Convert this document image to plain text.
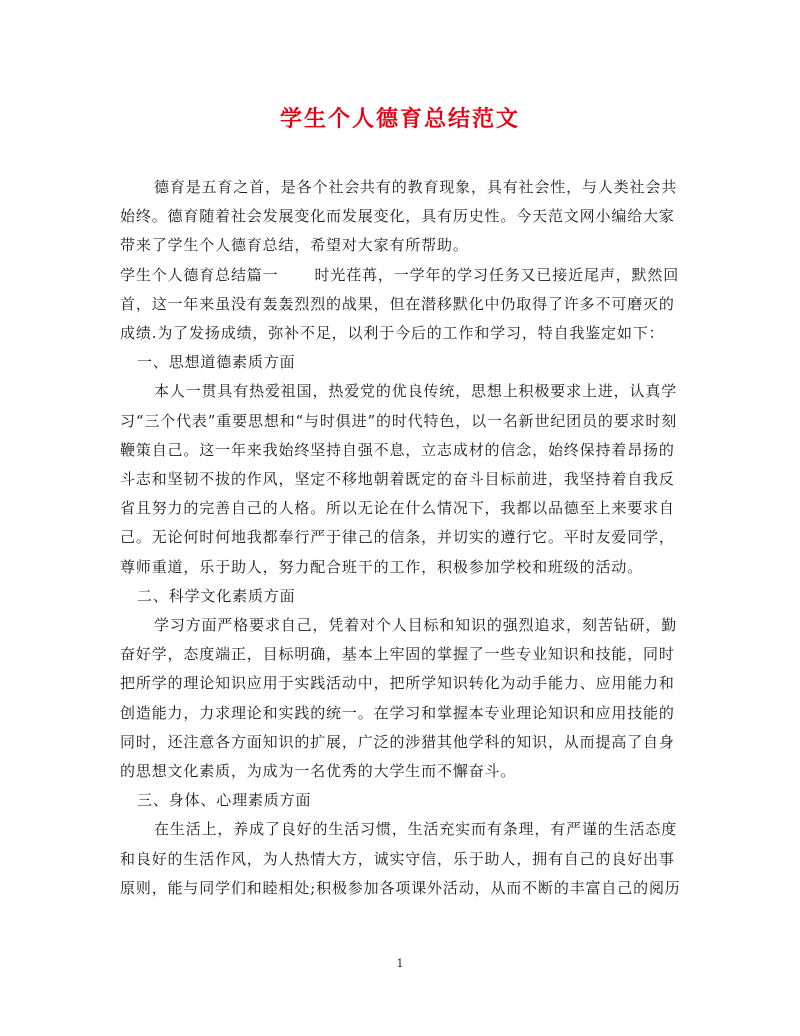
学生个人德育总结范文

德育是五育之首，是各个社会共有的教育现象，具有社会性，与人类社会共始终。德育随着社会发展变化而发展变化，具有历史性。今天范文网小编给大家带来了学生个人德育总结，希望对大家有所帮助。

学生个人德育总结篇一 时光荏苒，一学年的学习任务又已接近尾声，默然回首，这一年来虽没有轰轰烈烈的战果，但在潜移默化中仍取得了许多不可磨灭的成绩.为了发扬成绩，弥补不足，以利于今后的工作和学习，特自我鉴定如下：

一、思想道德素质方面

本人一贯具有热爱祖国，热爱党的优良传统，思想上积极要求上进，认真学习“三个代表”重要思想和“与时俱进”的时代特色，以一名新世纪团员的要求时刻鞭策自己。这一年来我始终坚持自强不息，立志成材的信念，始终保持着昂扬的斗志和坚韧不拔的作风，坚定不移地朝着既定的奋斗目标前进，我坚持着自我反省且努力的完善自己的人格。所以无论在什么情况下，我都以品德至上来要求自己。无论何时何地我都奉行严于律己的信条，并切实的遵行它。平时友爱同学，尊师重道，乐于助人，努力配合班干的工作，积极参加学校和班级的活动。

二、科学文化素质方面

学习方面严格要求自己，凭着对个人目标和知识的强烈追求，刻苦钻研，勤奋好学，态度端正，目标明确，基本上牢固的掌握了一些专业知识和技能，同时把所学的理论知识应用于实践活动中，把所学知识转化为动手能力、应用能力和创造能力，力求理论和实践的统一。在学习和掌握本专业理论知识和应用技能的同时，还注意各方面知识的扩展，广泛的涉猎其他学科的知识，从而提高了自身的思想文化素质，为成为一名优秀的大学生而不懈奋斗。

三、身体、心理素质方面

在生活上，养成了良好的生活习惯，生活充实而有条理，有严谨的生活态度和良好的生活作风，为人热情大方，诚实守信，乐于助人，拥有自己的良好出事原则，能与同学们和睦相处;积极参加各项课外活动，从而不断的丰富自己的阅历

1
